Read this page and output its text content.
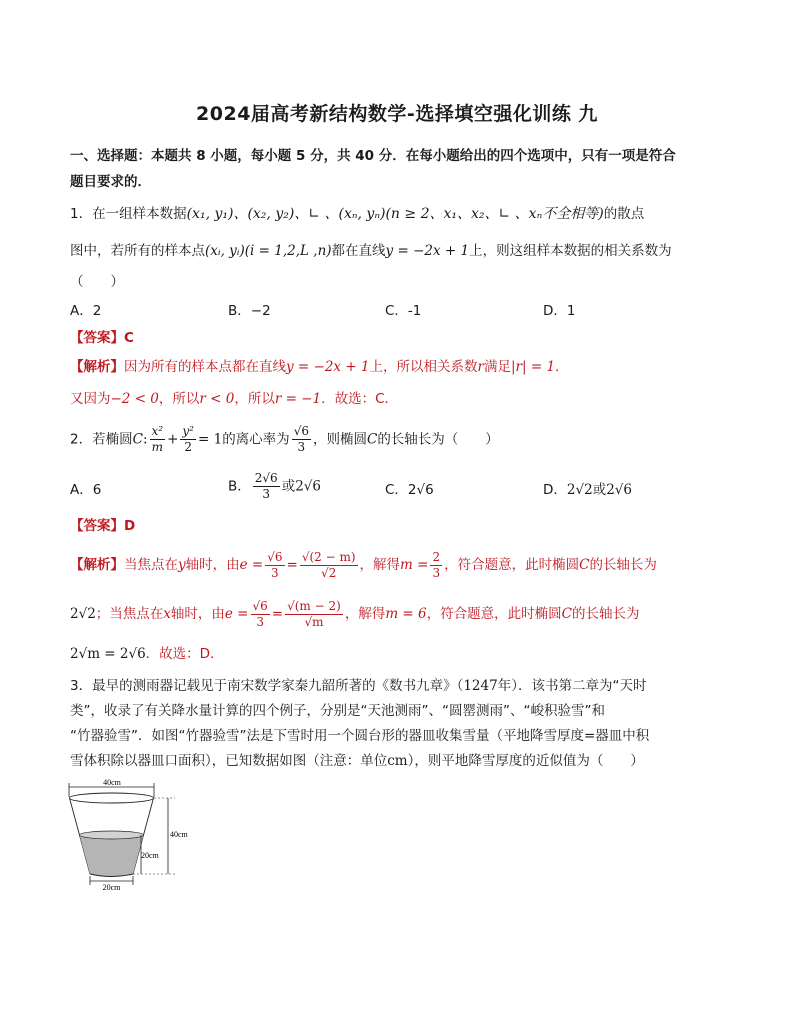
2024届高考新结构数学-选择填空强化训练 九
一、选择题：本题共 8 小题，每小题 5 分，共 40 分．在每小题给出的四个选项中，只有一项是符合
题目要求的．
1．在一组样本数据(x₁, y₁)、(x₂, y₂)、∟ 、(xₙ, yₙ)(n ≥ 2、x₁、x₂、∟ 、xₙ不全相等)的散点
图中，若所有的样本点(xᵢ, yᵢ)(i = 1,2,L ,n)都在直线y = −2x + 1上，则这组样本数据的相关系数为
（　　）
A．2	B．−2	C．-1	D．1
【答案】C
【解析】因为所有的样本点都在直线y = −2x + 1上，所以相关系数r满足|r| = 1．
又因为−2 < 0，所以r < 0，所以r = −1．故选：C．
2．若椭圆C: $\frac{\text{x²}}{m} + \frac{\text{y²}}{2} = 1$的离心率为 $\frac{√6}{3}$ ，则椭圆C的长轴长为（　　）
A．6	B． $\frac{2√6}{3}$ 或2√6	C．2√6	D．2√2或2√6
【答案】D
【解析】当焦点在y轴时，由$e = \frac{√6}{3} = \frac{√(2 - m)}{√2}$ ，解得$m = \frac{2}{3}$ ，符合题意，此时椭圆C的长轴长为
2√2；当焦点在x轴时，由$e = \frac{√6}{3} = \frac{√(m - 2)}{√m}$ ，解得m = 6，符合题意，此时椭圆C的长轴长为
2√m = 2√6．故选：D．
3．最早的测雨器记载见于南宋数学家秦九韶所著的《数书九章》（1247年）．该书第二章为“天时
类”，收录了有关降水量计算的四个例子，分别是“天池测雨”、“圆罂测雨”、“峻积验雪”和
“竹器验雪”．如图“竹器验雪”法是下雪时用一个圆台形的器皿收集雪量（平地降雪厚度=器皿中积
雪体积除以器皿口面积），已知数据如图（注意：单位cm），则平地降雪厚度的近似值为（　　）
40cm
40cm
20cm
20cm
